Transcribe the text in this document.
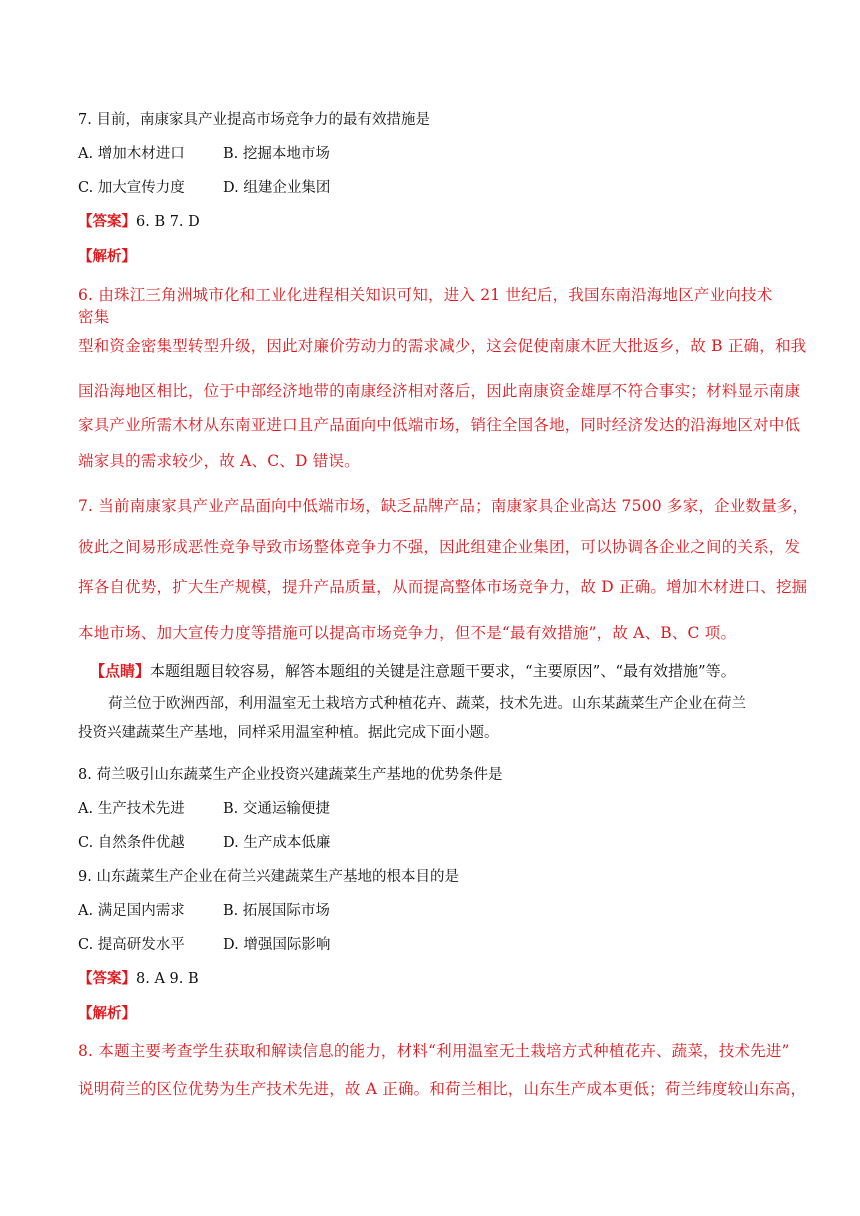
7. 目前，南康家具产业提高市场竞争力的最有效措施是
A. 增加木材进口	B. 挖掘本地市场
C. 加大宣传力度	D. 组建企业集团
【答案】6. B 7. D
【解析】

6. 由珠江三角洲城市化和工业化进程相关知识可知，进入 21 世纪后，我国东南沿海地区产业向技术密集

型和资金密集型转型升级，因此对廉价劳动力的需求减少，这会促使南康木匠大批返乡，故 B 正确，和我

国沿海地区相比，位于中部经济地带的南康经济相对落后，因此南康资金雄厚不符合事实；材料显示南康

家具产业所需木材从东南亚进口且产品面向中低端市场，销往全国各地，同时经济发达的沿海地区对中低

端家具的需求较少，故 A、C、D 错误。

7. 当前南康家具产业产品面向中低端市场，缺乏品牌产品；南康家具企业高达 7500 多家，企业数量多，

彼此之间易形成恶性竞争导致市场整体竞争力不强，因此组建企业集团，可以协调各企业之间的关系，发

挥各自优势，扩大生产规模，提升产品质量，从而提高整体市场竞争力，故 D 正确。增加木材进口、挖掘

本地市场、加大宣传力度等措施可以提高市场竞争力，但不是“最有效措施”，故 A、B、C 项。

【点睛】本题组题目较容易，解答本题组的关键是注意题干要求，“主要原因”、“最有效措施”等。
荷兰位于欧洲西部，利用温室无土栽培方式种植花卉、蔬菜，技术先进。山东某蔬菜生产企业在荷兰
投资兴建蔬菜生产基地，同样采用温室种植。据此完成下面小题。
8. 荷兰吸引山东蔬菜生产企业投资兴建蔬菜生产基地的优势条件是
A. 生产技术先进	B. 交通运输便捷
C. 自然条件优越	D. 生产成本低廉
9. 山东蔬菜生产企业在荷兰兴建蔬菜生产基地的根本目的是
A. 满足国内需求	B. 拓展国际市场
C. 提高研发水平	D. 增强国际影响
【答案】8. A 9. B
【解析】

8. 本题主要考查学生获取和解读信息的能力，材料“利用温室无土栽培方式种植花卉、蔬菜，技术先进”

说明荷兰的区位优势为生产技术先进，故 A 正确。和荷兰相比，山东生产成本更低；荷兰纬度较山东高，
